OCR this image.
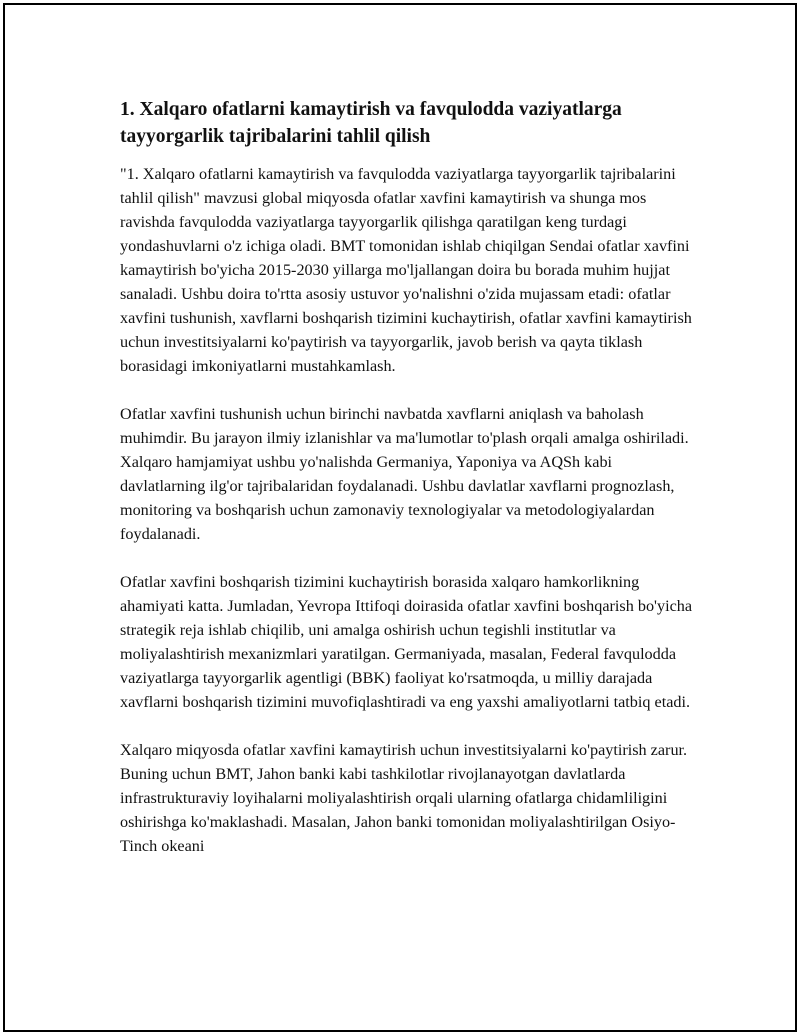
1. Xalqaro ofatlarni kamaytirish va favqulodda vaziyatlarga tayyorgarlik tajribalarini tahlil qilish

"1. Xalqaro ofatlarni kamaytirish va favqulodda vaziyatlarga tayyorgarlik tajribalarini tahlil qilish" mavzusi global miqyosda ofatlar xavfini kamaytirish va shunga mos ravishda favqulodda vaziyatlarga tayyorgarlik qilishga qaratilgan keng turdagi yondashuvlarni o'z ichiga oladi. BMT tomonidan ishlab chiqilgan Sendai ofatlar xavfini kamaytirish bo'yicha 2015-2030 yillarga mo'ljallangan doira bu borada muhim hujjat sanaladi. Ushbu doira to'rtta asosiy ustuvor yo'nalishni o'zida mujassam etadi: ofatlar xavfini tushunish, xavflarni boshqarish tizimini kuchaytirish, ofatlar xavfini kamaytirish uchun investitsiyalarni ko'paytirish va tayyorgarlik, javob berish va qayta tiklash borasidagi imkoniyatlarni mustahkamlash.

Ofatlar xavfini tushunish uchun birinchi navbatda xavflarni aniqlash va baholash muhimdir. Bu jarayon ilmiy izlanishlar va ma'lumotlar to'plash orqali amalga oshiriladi. Xalqaro hamjamiyat ushbu yo'nalishda Germaniya, Yaponiya va AQSh kabi davlatlarning ilg'or tajribalaridan foydalanadi. Ushbu davlatlar xavflarni prognozlash, monitoring va boshqarish uchun zamonaviy texnologiyalar va metodologiyalardan foydalanadi.

Ofatlar xavfini boshqarish tizimini kuchaytirish borasida xalqaro hamkorlikning ahamiyati katta. Jumladan, Yevropa Ittifoqi doirasida ofatlar xavfini boshqarish bo'yicha strategik reja ishlab chiqilib, uni amalga oshirish uchun tegishli institutlar va moliyalashtirish mexanizmlari yaratilgan. Germaniyada, masalan, Federal favqulodda vaziyatlarga tayyorgarlik agentligi (BBK) faoliyat ko'rsatmoqda, u milliy darajada xavflarni boshqarish tizimini muvofiqlashtiradi va eng yaxshi amaliyotlarni tatbiq etadi.

Xalqaro miqyosda ofatlar xavfini kamaytirish uchun investitsiyalarni ko'paytirish zarur. Buning uchun BMT, Jahon banki kabi tashkilotlar rivojlanayotgan davlatlarda infrastrukturaviy loyihalarni moliyalashtirish orqali ularning ofatlarga chidamliligini oshirishga ko'maklashadi. Masalan, Jahon banki tomonidan moliyalashtirilgan Osiyo-Tinch okeani
